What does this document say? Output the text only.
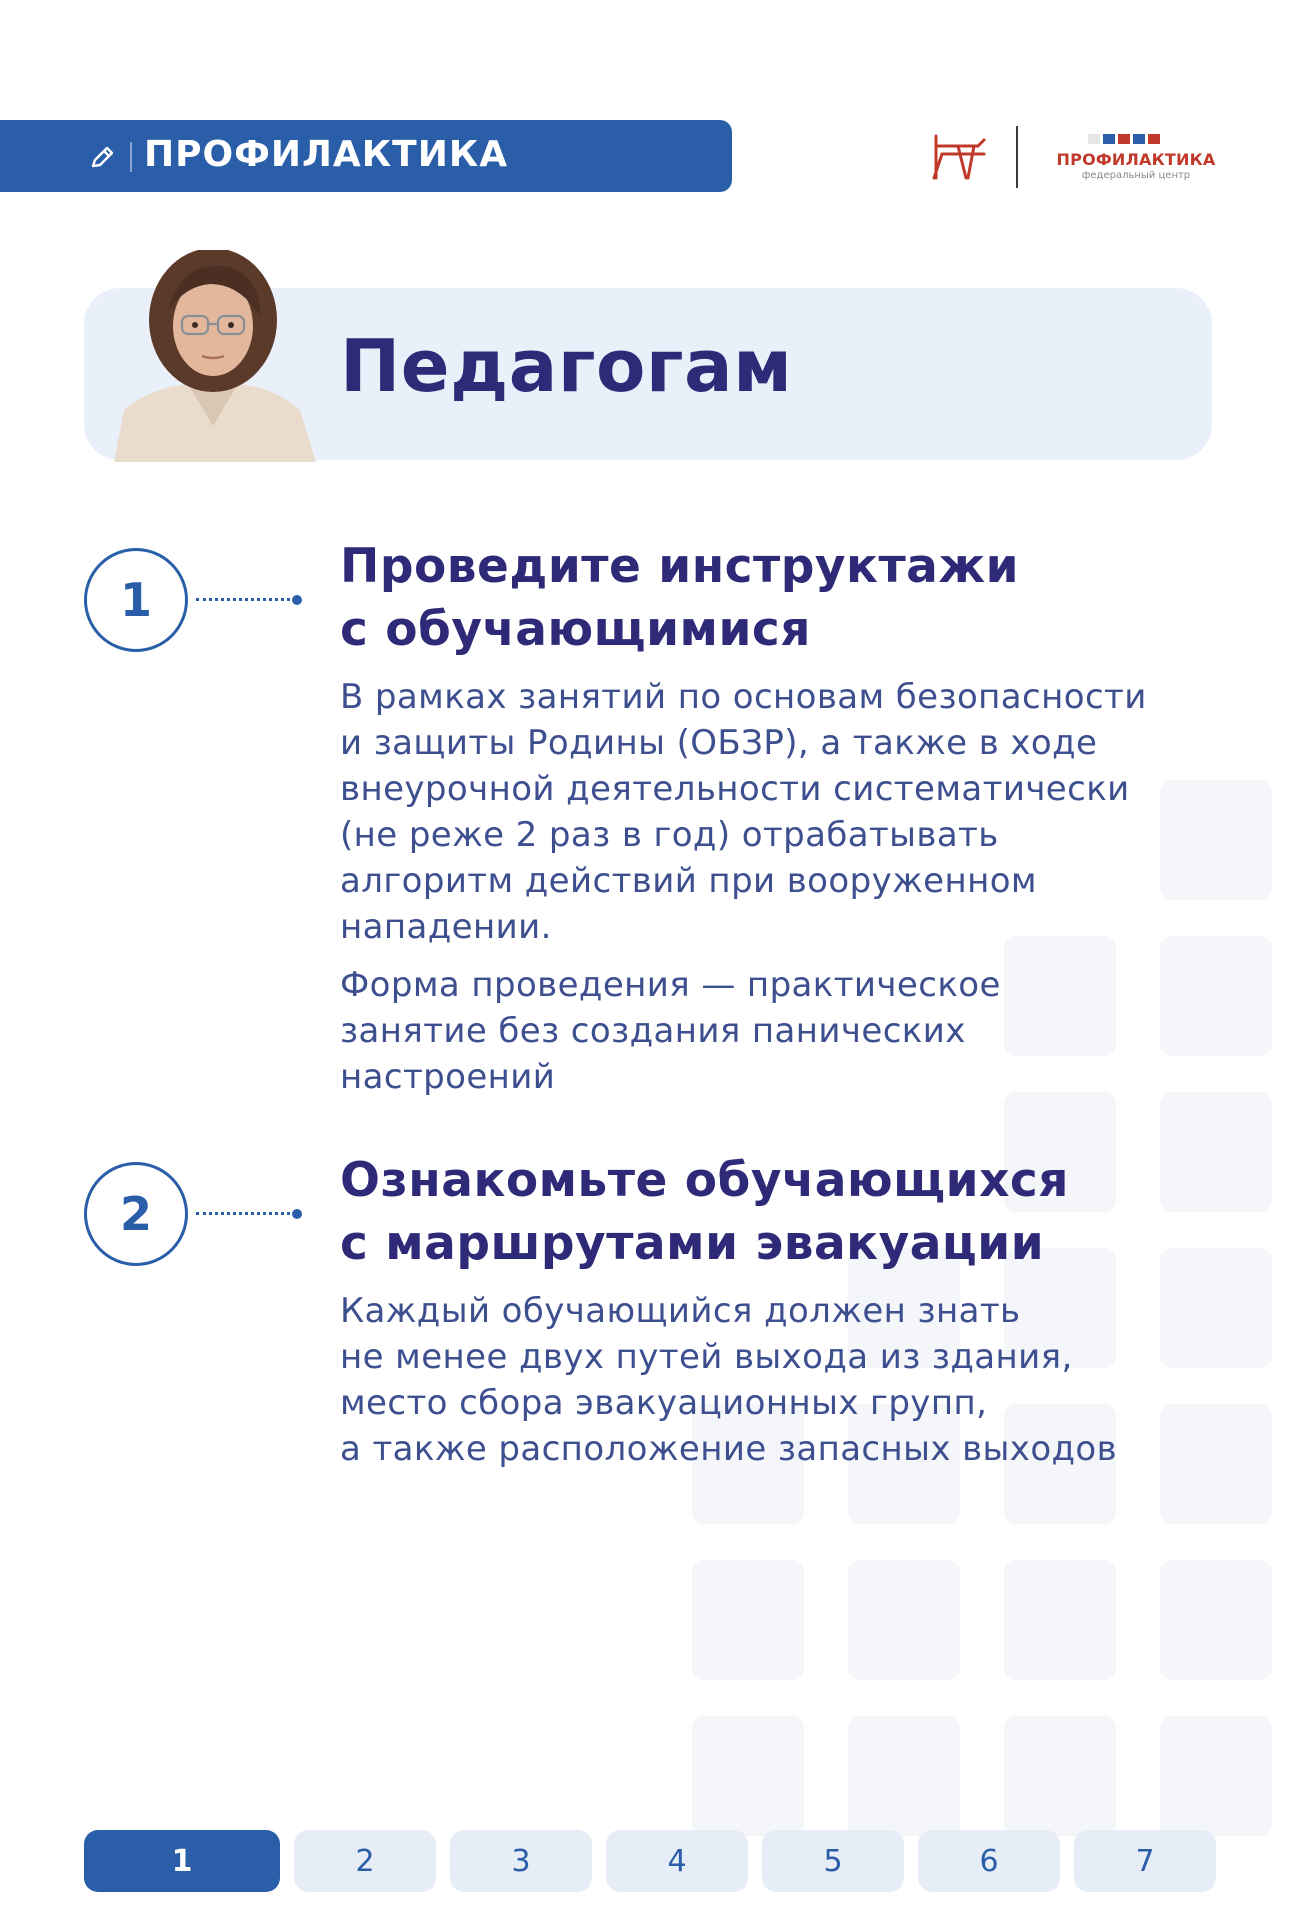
ПРОФИЛАКТИКА	ПРОФИЛАКТИКА
федеральный центр
Педагогам
1
Проведите инструктажи
с обучающимися
В рамках занятий по основам безопасности
и защиты Родины (ОБЗР), а также в ходе
внеурочной деятельности систематически
(не реже 2 раз в год) отрабатывать
алгоритм действий при вооруженном
нападении.
Форма проведения — практическое
занятие без создания панических
настроений
2
Ознакомьте обучающихся
с маршрутами эвакуации
Каждый обучающийся должен знать
не менее двух путей выхода из здания,
место сбора эвакуационных групп,
а также расположение запасных выходов
1	2	3	4	5	6	7
